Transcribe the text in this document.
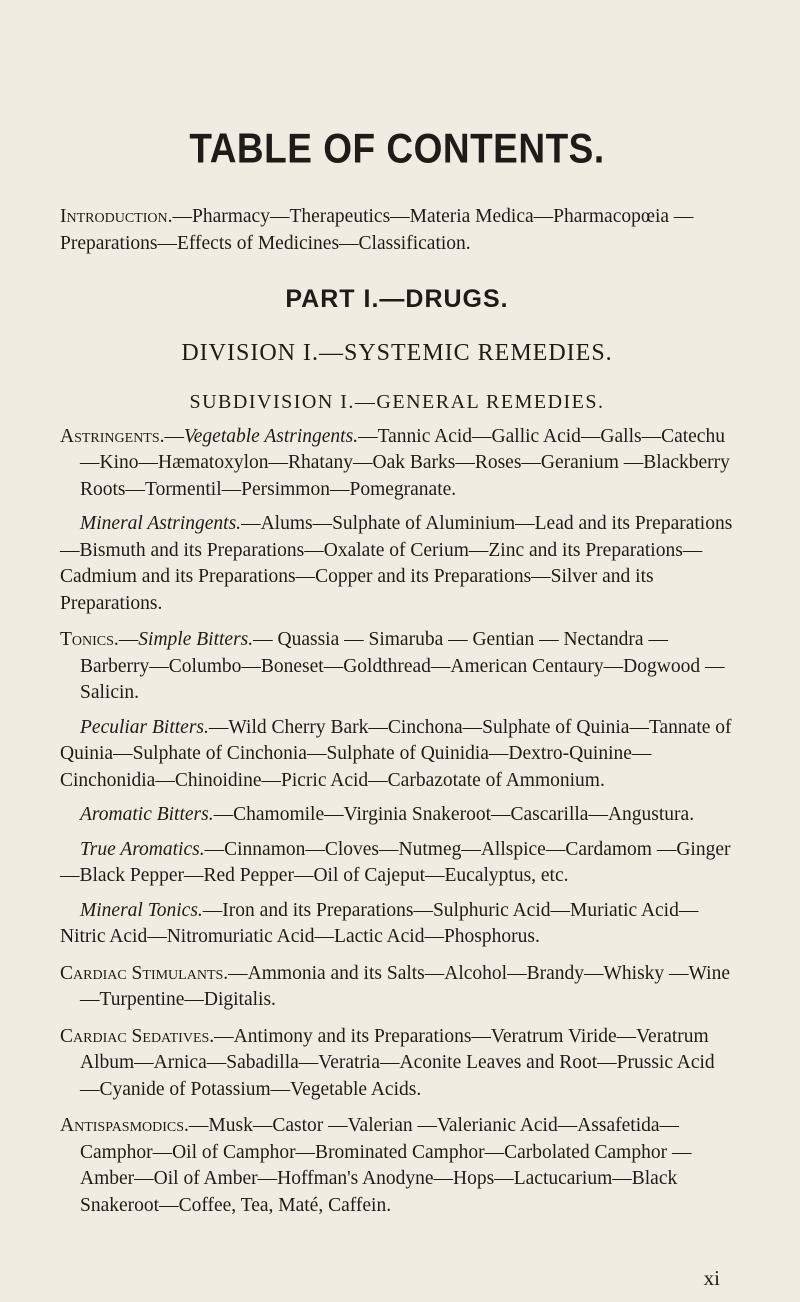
TABLE OF CONTENTS.

Introduction.—Pharmacy—Therapeutics—Materia Medica—Pharmacopœia —Preparations—Effects of Medicines—Classification.

PART I.—DRUGS.
DIVISION I.—SYSTEMIC REMEDIES.
SUBDIVISION I.—GENERAL REMEDIES.

Astringents.—Vegetable Astringents.—Tannic Acid—Gallic Acid—Galls—Catechu—Kino—Hæmatoxylon—Rhatany—Oak Barks—Roses—Geranium —Blackberry Roots—Tormentil—Persimmon—Pomegranate.

Mineral Astringents.—Alums—Sulphate of Aluminium—Lead and its Preparations—Bismuth and its Preparations—Oxalate of Cerium—Zinc and its Preparations—Cadmium and its Preparations—Copper and its Preparations—Silver and its Preparations.

Tonics.—Simple Bitters.— Quassia — Simaruba — Gentian — Nectandra — Barberry—Columbo—Boneset—Goldthread—American Centaury—Dogwood —Salicin.

Peculiar Bitters.—Wild Cherry Bark—Cinchona—Sulphate of Quinia—Tannate of Quinia—Sulphate of Cinchonia—Sulphate of Quinidia—Dextro-Quinine—Cinchonidia—Chinoidine—Picric Acid—Carbazotate of Ammonium.

Aromatic Bitters.—Chamomile—Virginia Snakeroot—Cascarilla—Angustura.

True Aromatics.—Cinnamon—Cloves—Nutmeg—Allspice—Cardamom —Ginger—Black Pepper—Red Pepper—Oil of Cajeput—Eucalyptus, etc.

Mineral Tonics.—Iron and its Preparations—Sulphuric Acid—Muriatic Acid—Nitric Acid—Nitromuriatic Acid—Lactic Acid—Phosphorus.

Cardiac Stimulants.—Ammonia and its Salts—Alcohol—Brandy—Whisky —Wine—Turpentine—Digitalis.

Cardiac Sedatives.—Antimony and its Preparations—Veratrum Viride—Veratrum Album—Arnica—Sabadilla—Veratria—Aconite Leaves and Root—Prussic Acid—Cyanide of Potassium—Vegetable Acids.

Antispasmodics.—Musk—Castor —Valerian —Valerianic Acid—Assafetida—Camphor—Oil of Camphor—Brominated Camphor—Carbolated Camphor —Amber—Oil of Amber—Hoffman's Anodyne—Hops—Lactucarium—Black Snakeroot—Coffee, Tea, Maté, Caffein.

xi
